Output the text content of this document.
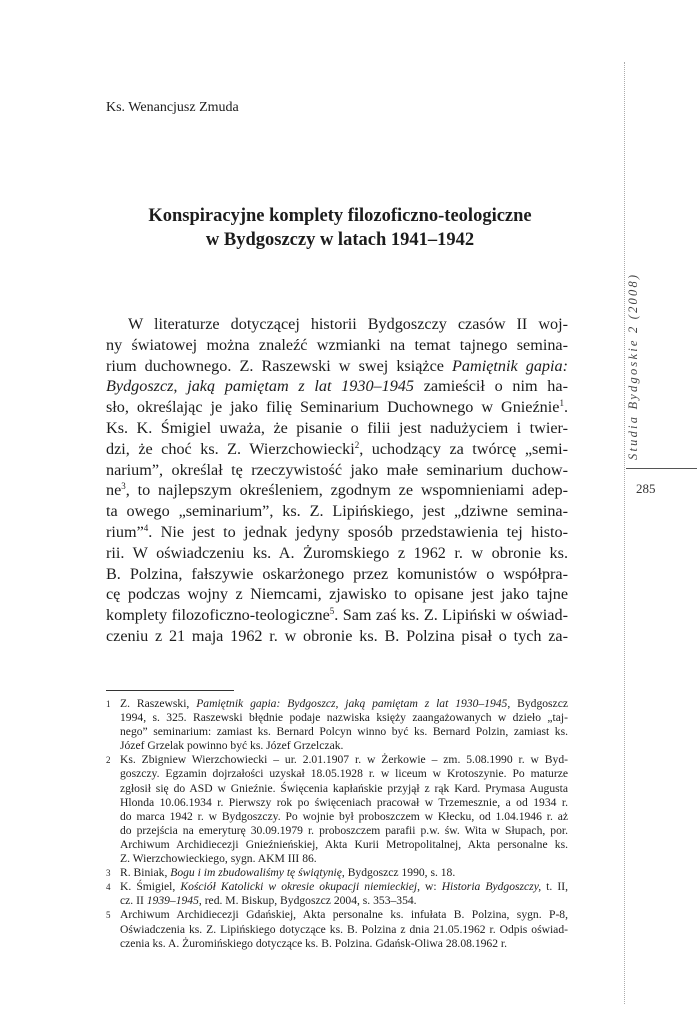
Ks. Wenancjusz Zmuda
Konspiracyjne komplety filozoficzno-teologiczne
w Bydgoszczy w latach 1941–1942
W literaturze dotyczącej historii Bydgoszczy czasów II woj-
ny światowej można znaleźć wzmianki na temat tajnego semina-
rium duchownego. Z. Raszewski w swej książce Pamiętnik gapia:
Bydgoszcz, jaką pamiętam z lat 1930–1945 zamieścił o nim ha-
sło, określając je jako filię Seminarium Duchownego w Gnieźnie$^1$.
Ks. K. Śmigiel uważa, że pisanie o filii jest nadużyciem i twier-
dzi, że choć ks. Z. Wierzchowiecki$^2$, uchodzący za twórcę „semi-
narium”, określał tę rzeczywistość jako małe seminarium duchow-
$ne^3$, to najlepszym określeniem, zgodnym ze wspomnieniami adep-
ta owego „seminarium”, ks. Z. Lipińskiego, jest „dziwne semina-
rium”$^4$. Nie jest to jednak jedyny sposób przedstawienia tej histo-
rii. W oświadczeniu ks. A. Żuromskiego z 1962 r. w obronie ks.
B. Polzina, fałszywie oskarżonego przez komunistów o współpra-
cę podczas wojny z Niemcami, zjawisko to opisane jest jako tajne
komplety filozoficzno-teologiczne$^5$. Sam zaś ks. Z. Lipiński w oświad-
czeniu z 21 maja 1962 r. w obronie ks. B. Polzina pisał o tych za-
1 Z. Raszewski, Pamiętnik gapia: Bydgoszcz, jaką pamiętam z lat 1930–1945, Bydgoszcz
1994, s. 325. Raszewski błędnie podaje nazwiska księży zaangażowanych w dzieło „taj-
nego” seminarium: zamiast ks. Bernard Polcyn winno być ks. Bernard Polzin, zamiast ks.
Józef Grzelak powinno być ks. Józef Grzelczak.
2 Ks. Zbigniew Wierzchowiecki – ur. 2.01.1907 r. w Żerkowie – zm. 5.08.1990 r. w Byd-
goszczy. Egzamin dojrzałości uzyskał 18.05.1928 r. w liceum w Krotoszynie. Po maturze
zgłosił się do ASD w Gnieźnie. Święcenia kapłańskie przyjął z rąk Kard. Prymasa Augusta
Hlonda 10.06.1934 r. Pierwszy rok po święceniach pracował w Trzemesznie, a od 1934 r.
do marca 1942 r. w Bydgoszczy. Po wojnie był proboszczem w Kłecku, od 1.04.1946 r. aż
do przejścia na emeryturę 30.09.1979 r. proboszczem parafii p.w. św. Wita w Słupach, por.
Archiwum Archidiecezji Gnieźnieńskiej, Akta Kurii Metropolitalnej, Akta personalne ks.
Z. Wierzchowieckiego, sygn. AKM III 86.
3 R. Biniak, Bogu i im zbudowaliśmy tę świątynię, Bydgoszcz 1990, s. 18.
4 K. Śmigiel, Kościół Katolicki w okresie okupacji niemieckiej, w: Historia Bydgoszczy, t. II,
cz. II 1939–1945, red. M. Biskup, Bydgoszcz 2004, s. 353–354.
5 Archiwum Archidiecezji Gdańskiej, Akta personalne ks. infułata B. Polzina, sygn. P-8,
Oświadczenia ks. Z. Lipińskiego dotyczące ks. B. Polzina z dnia 21.05.1962 r. Odpis oświad-
czenia ks. A. Żuromińskiego dotyczące ks. B. Polzina. Gdańsk-Oliwa 28.08.1962 r.
Studia Bydgoskie 2 (2008)
285
